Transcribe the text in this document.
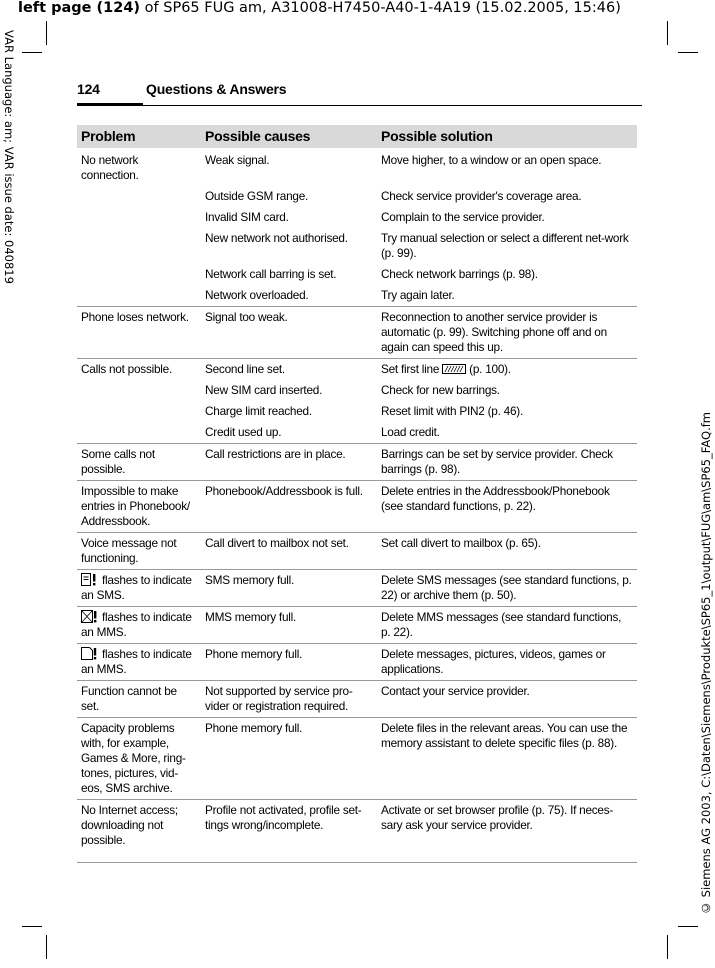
left page (124) of SP65 FUG am, A31008-H7450-A40-1-4A19 (15.02.2005, 15:46)
VAR Language: am; VAR issue date: 040819
© Siemens AG 2003, C:\Daten\Siemens\Produkte\SP65_1\output\FUG\am\SP65_FAQ.fm
124	Questions & Answers
Problem	Possible causes	Possible solution
No network connection.	Weak signal.	Move higher, to a window or an open space.
	Outside GSM range.	Check service provider's coverage area.
	Invalid SIM card.	Complain to the service provider.
	New network not authorised.	Try manual selection or select a different net-work (p. 99).
	Network call barring is set.	Check network barrings (p. 98).
	Network overloaded.	Try again later.
Phone loses network.	Signal too weak.	Reconnection to another service provider is automatic (p. 99). Switching phone off and on again can speed this up.
Calls not possible.	Second line set.	Set first line  (p. 100).
	New SIM card inserted.	Check for new barrings.
	Charge limit reached.	Reset limit with PIN2 (p. 46).
	Credit used up.	Load credit.
Some calls not possible.	Call restrictions are in place.	Barrings can be set by service provider. Check barrings (p. 98).
Impossible to make entries in Phonebook/ Addressbook.	Phonebook/Addressbook is full.	Delete entries in the Addressbook/Phonebook (see standard functions, p. 22).
Voice message not functioning.	Call divert to mailbox not set.	Set call divert to mailbox (p. 65).
flashes to indicate an SMS.	SMS memory full.	Delete SMS messages (see standard functions, p. 22) or archive them (p. 50).
flashes to indicate an MMS.	MMS memory full.	Delete MMS messages (see standard functions, p. 22).
flashes to indicate an MMS.	Phone memory full.	Delete messages, pictures, videos, games or applications.
Function cannot be set.	Not supported by service pro-vider or registration required.	Contact your service provider.
Capacity problems with, for example, Games & More, ring-tones, pictures, vid-eos, SMS archive.	Phone memory full.	Delete files in the relevant areas. You can use the memory assistant to delete specific files (p. 88).
No Internet access; downloading not possible.	Profile not activated, profile set-tings wrong/incomplete.	Activate or set browser profile (p. 75). If neces-sary ask your service provider.
